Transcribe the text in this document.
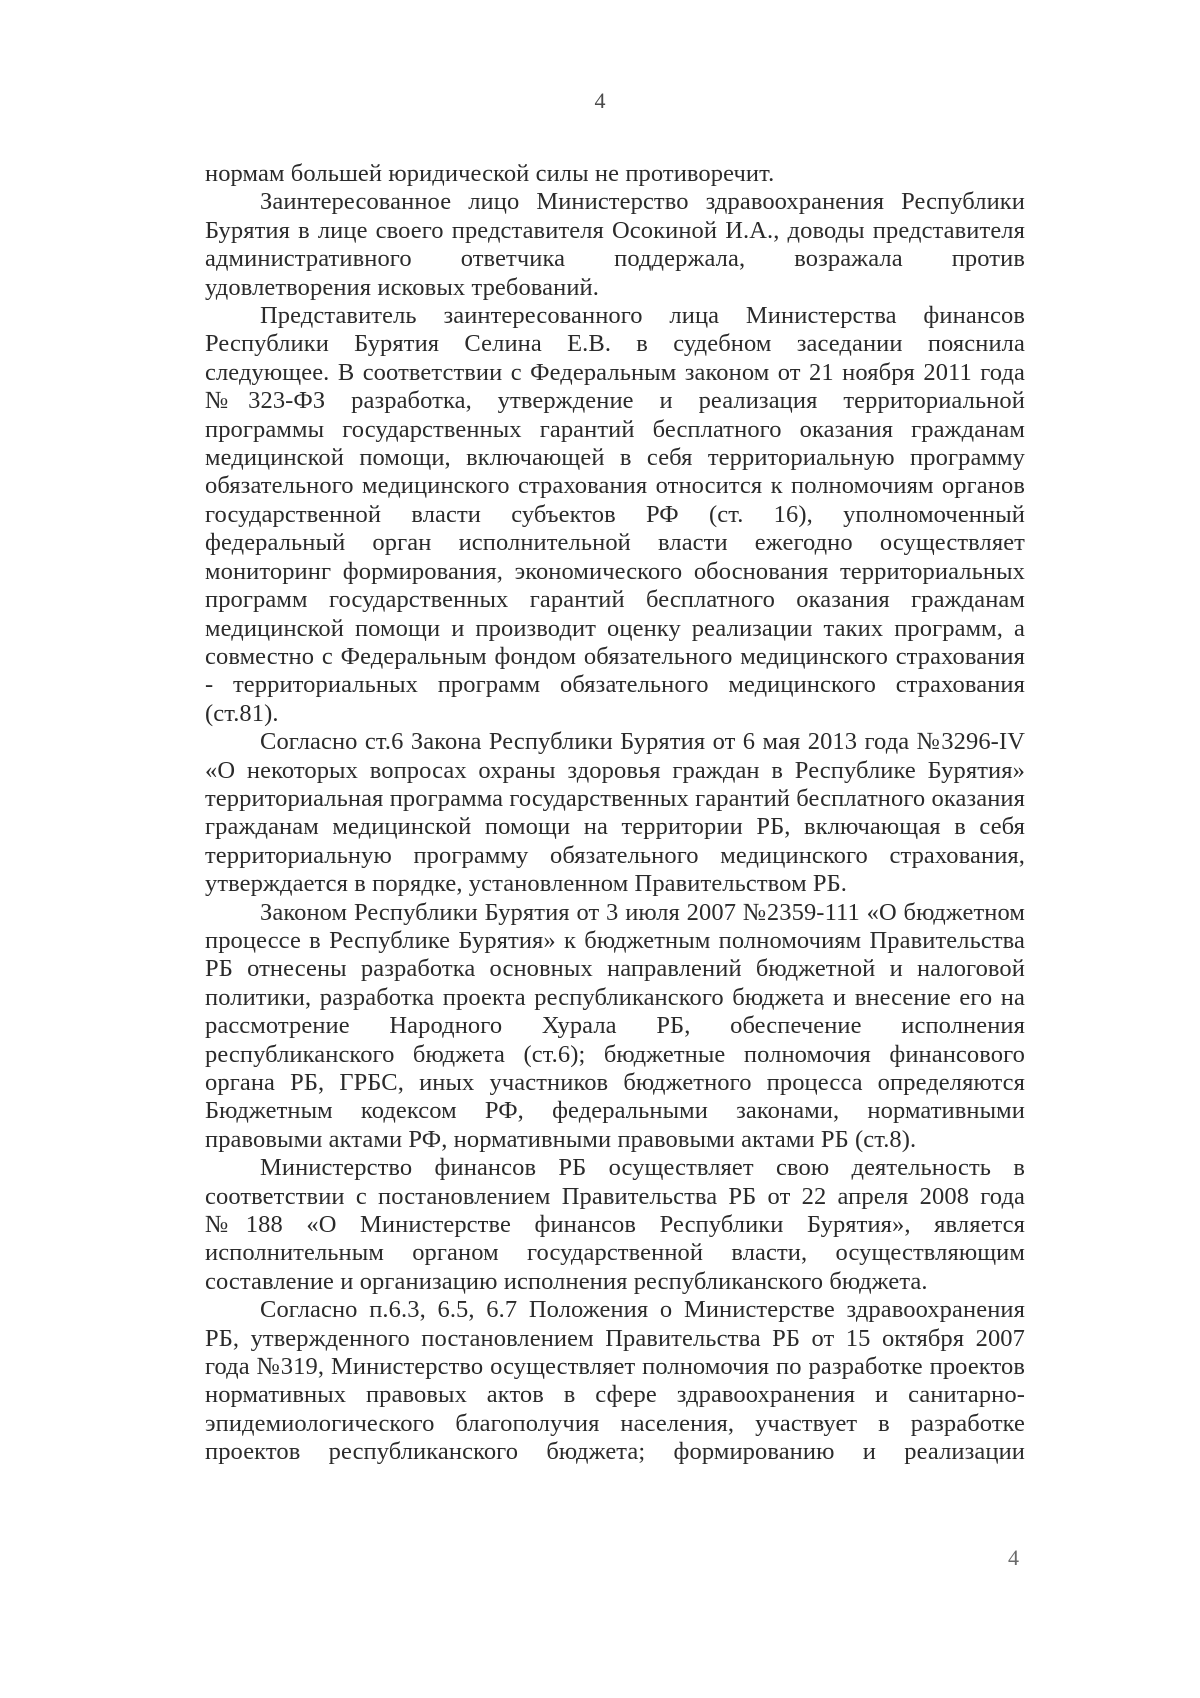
4
нормам большей юридической силы не противоречит.
Заинтересованное лицо Министерство здравоохранения Республики
Бурятия в лице своего представителя Осокиной И.А., доводы представителя
административного ответчика поддержала, возражала против
удовлетворения исковых требований.
Представитель заинтересованного лица Министерства финансов
Республики Бурятия Селина Е.В. в судебном заседании пояснила
следующее. В соответствии с Федеральным законом от 21 ноября 2011 года
№323-ФЗ разработка, утверждение и реализация территориальной
программы государственных гарантий бесплатного оказания гражданам
медицинской помощи, включающей в себя территориальную программу
обязательного медицинского страхования относится к полномочиям органов
государственной власти субъектов РФ (ст. 16), уполномоченный
федеральный орган исполнительной власти ежегодно осуществляет
мониторинг формирования, экономического обоснования территориальных
программ государственных гарантий бесплатного оказания гражданам
медицинской помощи и производит оценку реализации таких программ, а
совместно с Федеральным фондом обязательного медицинского страхования
- территориальных программ обязательного медицинского страхования
(ст.81).
Согласно ст.6 Закона Республики Бурятия от 6 мая 2013 года №3296-IV
«О некоторых вопросах охраны здоровья граждан в Республике Бурятия»
территориальная программа государственных гарантий бесплатного оказания
гражданам медицинской помощи на территории РБ, включающая в себя
территориальную программу обязательного медицинского страхования,
утверждается в порядке, установленном Правительством РБ.
Законом Республики Бурятия от 3 июля 2007 №2359-111 «О бюджетном
процессе в Республике Бурятия» к бюджетным полномочиям Правительства
РБ отнесены разработка основных направлений бюджетной и налоговой
политики, разработка проекта республиканского бюджета и внесение его на
рассмотрение Народного Хурала РБ, обеспечение исполнения
республиканского бюджета (ст.6); бюджетные полномочия финансового
органа РБ, ГРБС, иных участников бюджетного процесса определяются
Бюджетным кодексом РФ, федеральными законами, нормативными
правовыми актами РФ, нормативными правовыми актами РБ (ст.8).
Министерство финансов РБ осуществляет свою деятельность в
соответствии с постановлением Правительства РБ от 22 апреля 2008 года
№188 «О Министерстве финансов Республики Бурятия», является
исполнительным органом государственной власти, осуществляющим
составление и организацию исполнения республиканского бюджета.
Согласно п.6.3, 6.5, 6.7 Положения о Министерстве здравоохранения
РБ, утвержденного постановлением Правительства РБ от 15 октября 2007
года №319, Министерство осуществляет полномочия по разработке проектов
нормативных правовых актов в сфере здравоохранения и санитарно-
эпидемиологического благополучия населения, участвует в разработке
проектов республиканского бюджета; формированию и реализации
4
